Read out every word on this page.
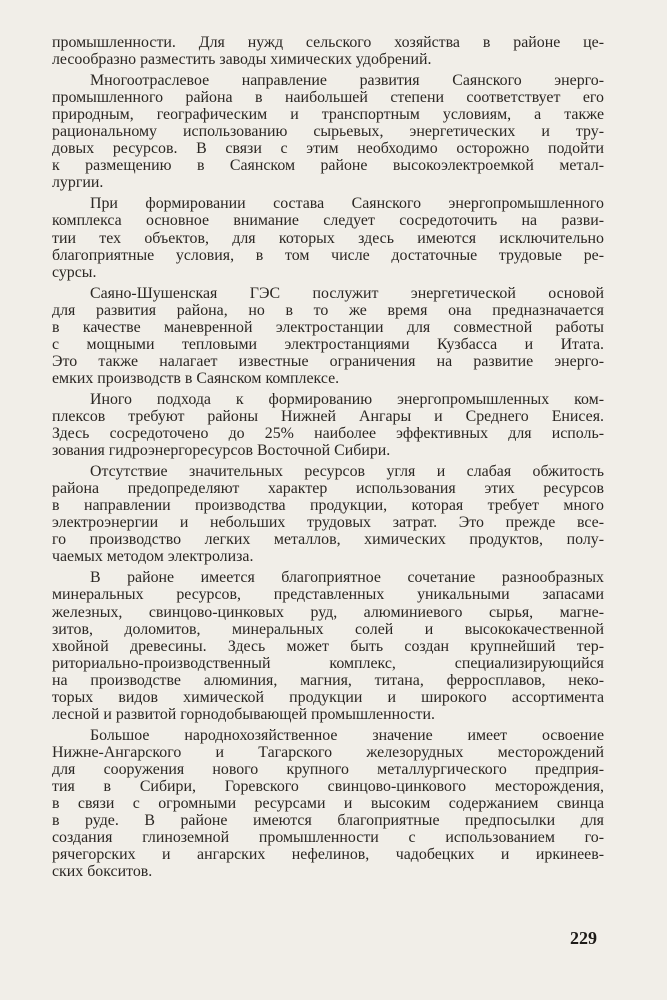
промышленности. Для нужд сельского хозяйства в районе це-
лесообразно разместить заводы химических удобрений.
Многоотраслевое направление развития Саянского энерго-
промышленного района в наибольшей степени соответствует его
природным, географическим и транспортным условиям, а также
рациональному использованию сырьевых, энергетических и тру-
довых ресурсов. В связи с этим необходимо осторожно подойти
к размещению в Саянском районе высокоэлектроемкой метал-
лургии.
При формировании состава Саянского энергопромышленного
комплекса основное внимание следует сосредоточить на разви-
тии тех объектов, для которых здесь имеются исключительно
благоприятные условия, в том числе достаточные трудовые ре-
сурсы.
Саяно-Шушенская ГЭС послужит энергетической основой
для развития района, но в то же время она предназначается
в качестве маневренной электростанции для совместной работы
с мощными тепловыми электростанциями Кузбасса и Итата.
Это также налагает известные ограничения на развитие энерго-
емких производств в Саянском комплексе.
Иного подхода к формированию энергопромышленных ком-
плексов требуют районы Нижней Ангары и Среднего Енисея.
Здесь сосредоточено до 25% наиболее эффективных для исполь-
зования гидроэнергоресурсов Восточной Сибири.
Отсутствие значительных ресурсов угля и слабая обжитость
района предопределяют характер использования этих ресурсов
в направлении производства продукции, которая требует много
электроэнергии и небольших трудовых затрат. Это прежде все-
го производство легких металлов, химических продуктов, полу-
чаемых методом электролиза.
В районе имеется благоприятное сочетание разнообразных
минеральных ресурсов, представленных уникальными запасами
железных, свинцово-цинковых руд, алюминиевого сырья, магне-
зитов, доломитов, минеральных солей и высококачественной
хвойной древесины. Здесь может быть создан крупнейший тер-
риториально-производственный комплекс, специализирующийся
на производстве алюминия, магния, титана, ферросплавов, неко-
торых видов химической продукции и широкого ассортимента
лесной и развитой горнодобывающей промышленности.
Большое народнохозяйственное значение имеет освоение
Нижне-Ангарского и Тагарского железорудных месторождений
для сооружения нового крупного металлургического предприя-
тия в Сибири, Горевского свинцово-цинкового месторождения,
в связи с огромными ресурсами и высоким содержанием свинца
в руде. В районе имеются благоприятные предпосылки для
создания глиноземной промышленности с использованием го-
рячегорских и ангарских нефелинов, чадобецких и иркинеев-
ских бокситов.
229
